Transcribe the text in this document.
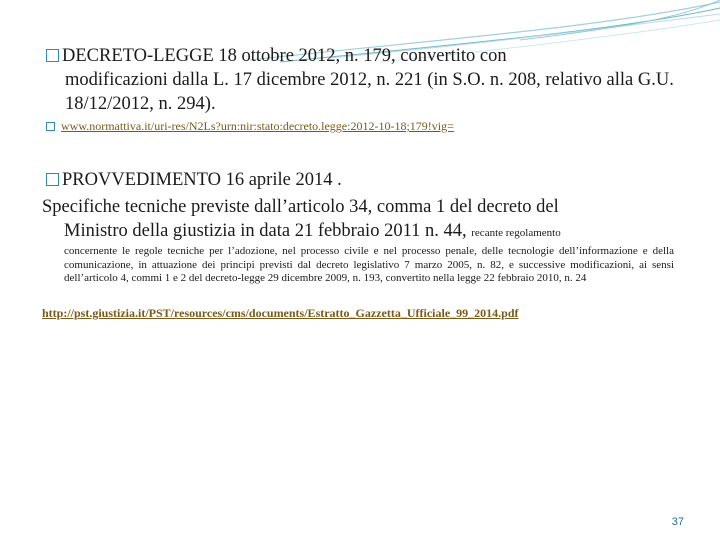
DECRETO-LEGGE 18 ottobre 2012, n. 179, convertito con
modificazioni dalla L. 17 dicembre 2012, n. 221 (in S.O. n. 208, relativo alla G.U. 18/12/2012, n. 294).
www.normattiva.it/uri-res/N2Ls?urn:nir:stato:decreto.legge:2012-10-18;179!vig=
PROVVEDIMENTO 16 aprile 2014 .
Specifiche tecniche previste dall’articolo 34, comma 1 del decreto del
Ministro della giustizia in data 21 febbraio 2011 n. 44, recante regolamento
concernente le regole tecniche per l’adozione, nel processo civile e nel processo penale, delle tecnologie dell’informazione e della comunicazione, in attuazione dei principi previsti dal decreto legislativo 7 marzo 2005, n. 82, e successive modificazioni, ai sensi dell’articolo 4, commi 1 e 2 del decreto-legge 29 dicembre 2009, n. 193, convertito nella legge 22 febbraio 2010, n. 24
http://pst.giustizia.it/PST/resources/cms/documents/Estratto_Gazzetta_Ufficiale_99_2014.pdf
37
